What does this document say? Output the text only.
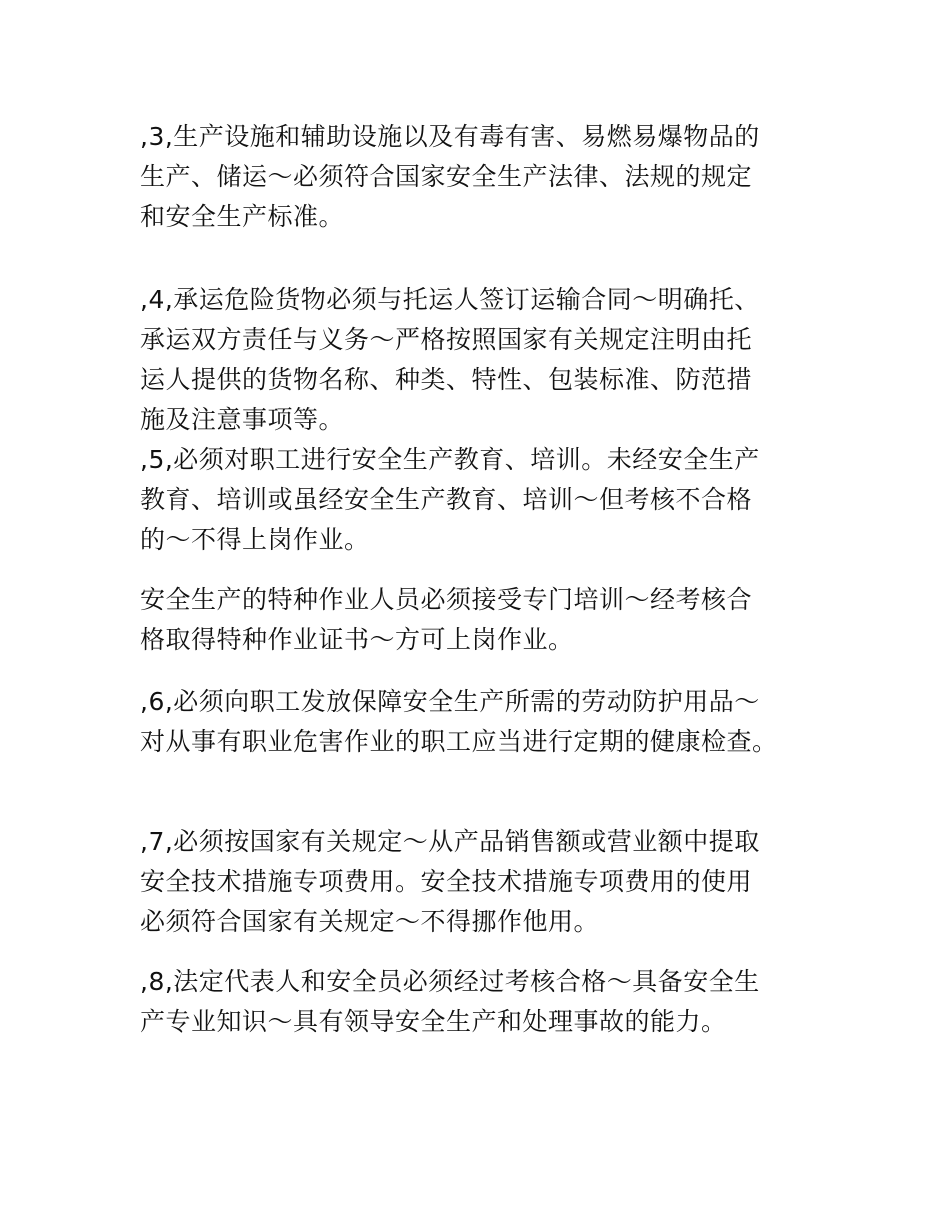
,3,生产设施和辅助设施以及有毒有害、易燃易爆物品的
生产、储运～必须符合国家安全生产法律、法规的规定
和安全生产标准。

,4,承运危险货物必须与托运人签订运输合同～明确托、
承运双方责任与义务～严格按照国家有关规定注明由托
运人提供的货物名称、种类、特性、包装标准、防范措
施及注意事项等。

,5,必须对职工进行安全生产教育、培训。未经安全生产
教育、培训或虽经安全生产教育、培训～但考核不合格
的～不得上岗作业。

安全生产的特种作业人员必须接受专门培训～经考核合
格取得特种作业证书～方可上岗作业。

,6,必须向职工发放保障安全生产所需的劳动防护用品～
对从事有职业危害作业的职工应当进行定期的健康检查。

,7,必须按国家有关规定～从产品销售额或营业额中提取
安全技术措施专项费用。安全技术措施专项费用的使用
必须符合国家有关规定～不得挪作他用。

,8,法定代表人和安全员必须经过考核合格～具备安全生
产专业知识～具有领导安全生产和处理事故的能力。
